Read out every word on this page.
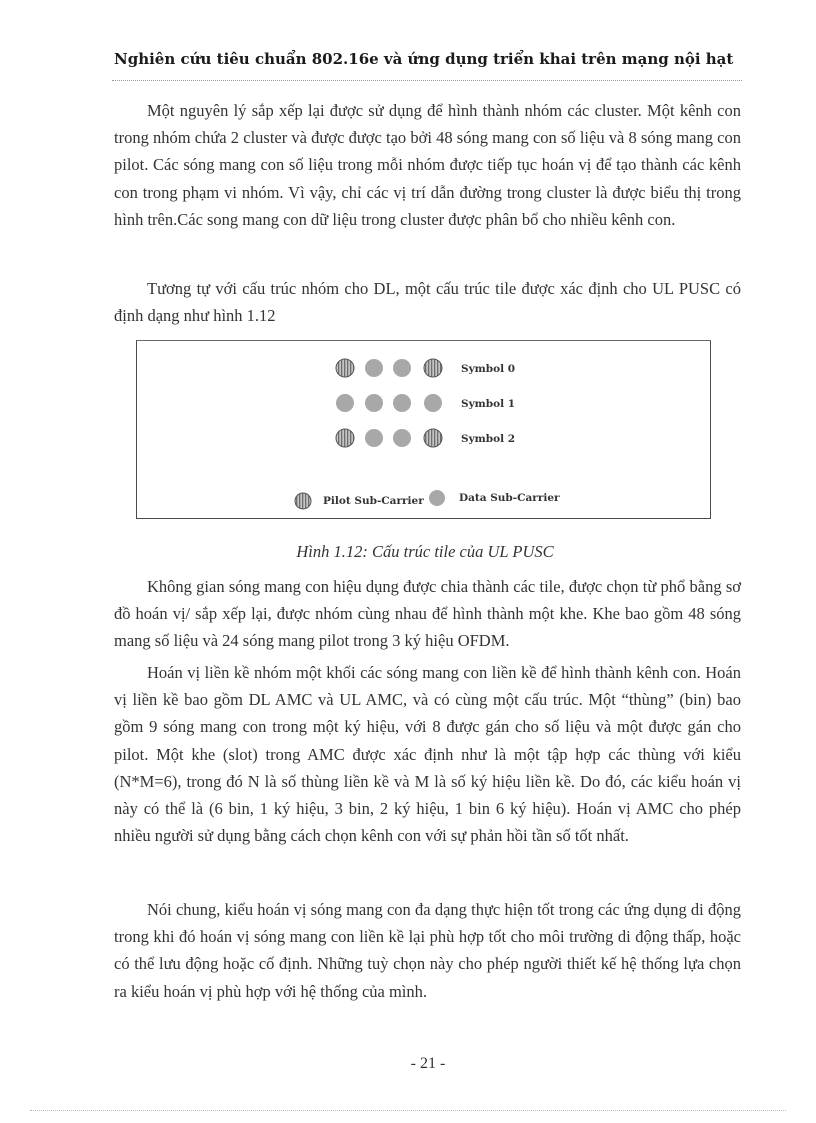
Nghiên cứu tiêu chuẩn 802.16e và ứng dụng triển khai trên mạng nội hạt

Một nguyên lý sắp xếp lại được sử dụng để hình thành nhóm các cluster. Một kênh con trong nhóm chứa 2 cluster và được được tạo bởi 48 sóng mang con số liệu và 8 sóng mang con pilot. Các sóng mang con số liệu trong mỗi nhóm được tiếp tục hoán vị để tạo thành các kênh con trong phạm vi nhóm. Vì vậy, chỉ các vị trí dẫn đường trong cluster là được biểu thị trong hình trên.Các song mang con dữ liệu trong cluster được phân bổ cho nhiều kênh con.

Tương tự với cấu trúc nhóm cho DL, một cấu trúc tile được xác định cho UL PUSC có định dạng như hình 1.12

Symbol 0
Symbol 1
Symbol 2
Pilot Sub-Carrier	Data Sub-Carrier
Hình 1.12: Cấu trúc tile của UL PUSC

Không gian sóng mang con hiệu dụng được chia thành các tile, được chọn từ phổ bằng sơ đồ hoán vị/ sắp xếp lại, được nhóm cùng nhau để hình thành một khe. Khe bao gồm 48 sóng mang số liệu và 24 sóng mang pilot trong 3 ký hiệu OFDM.

Hoán vị liền kề nhóm một khối các sóng mang con liền kề để hình thành kênh con. Hoán vị liền kề bao gồm DL AMC và UL AMC, và có cùng một cấu trúc. Một “thùng” (bin) bao gồm 9 sóng mang con trong một ký hiệu, với 8 được gán cho số liệu và một được gán cho pilot. Một khe (slot) trong AMC được xác định như là một tập hợp các thùng với kiểu (N*M=6), trong đó N là số thùng liền kề và M là số ký hiệu liền kề. Do đó, các kiểu hoán vị này có thể là (6 bin, 1 ký hiệu, 3 bin, 2 ký hiệu, 1 bin 6 ký hiệu). Hoán vị AMC cho phép nhiều người sử dụng bằng cách chọn kênh con với sự phản hồi tần số tốt nhất.

Nói chung, kiểu hoán vị sóng mang con đa dạng thực hiện tốt trong các ứng dụng di động trong khi đó hoán vị sóng mang con liền kề lại phù hợp tốt cho môi trường di động thấp, hoặc có thể lưu động hoặc cố định. Những tuỳ chọn này cho phép người thiết kế hệ thống lựa chọn ra kiểu hoán vị phù hợp với hệ thống của mình.

- 21 -
